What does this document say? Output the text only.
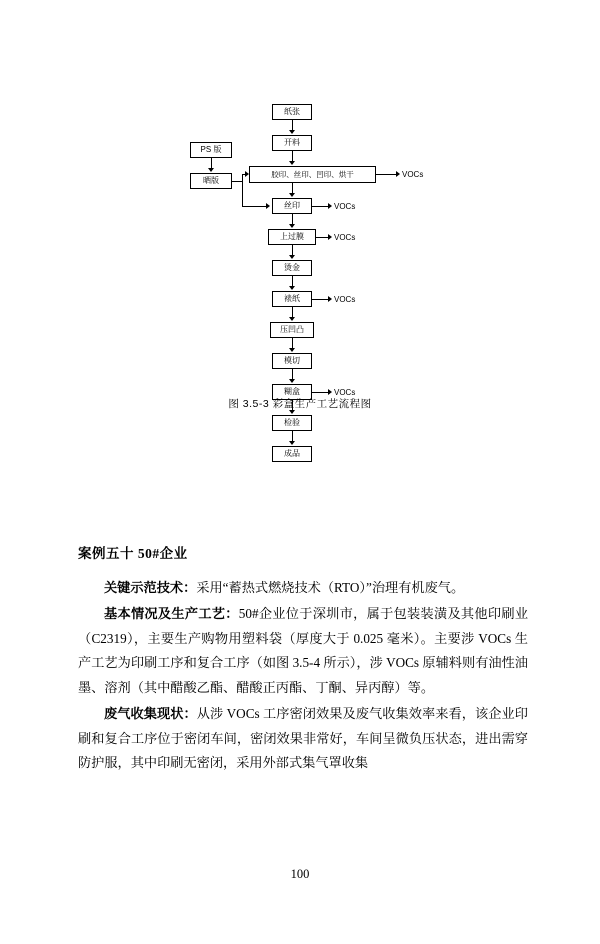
纸张
开料
胶印、丝印、凹印、烘干	VOCs
丝印	VOCs
上过膜	VOCs
烫金
裱纸	VOCs
压凹凸
模切
糊盒	VOCs
检验
成品
PS 版
晒版
图 3.5-3 彩盒生产工艺流程图
案例五十 50#企业

关键示范技术：采用“蓄热式燃烧技术（RTO）”治理有机废气。

基本情况及生产工艺：50#企业位于深圳市，属于包装装潢及其他印刷业（C2319），主要生产购物用塑料袋（厚度大于 0.025 毫米）。主要涉 VOCs 生产工艺为印刷工序和复合工序（如图 3.5-4 所示），涉 VOCs 原辅料则有油性油墨、溶剂（其中醋酸乙酯、醋酸正丙酯、丁酮、异丙醇）等。

废气收集现状：从涉 VOCs 工序密闭效果及废气收集效率来看，该企业印刷和复合工序位于密闭车间，密闭效果非常好，车间呈微负压状态，进出需穿防护服，其中印刷无密闭，采用外部式集气罩收集

100
